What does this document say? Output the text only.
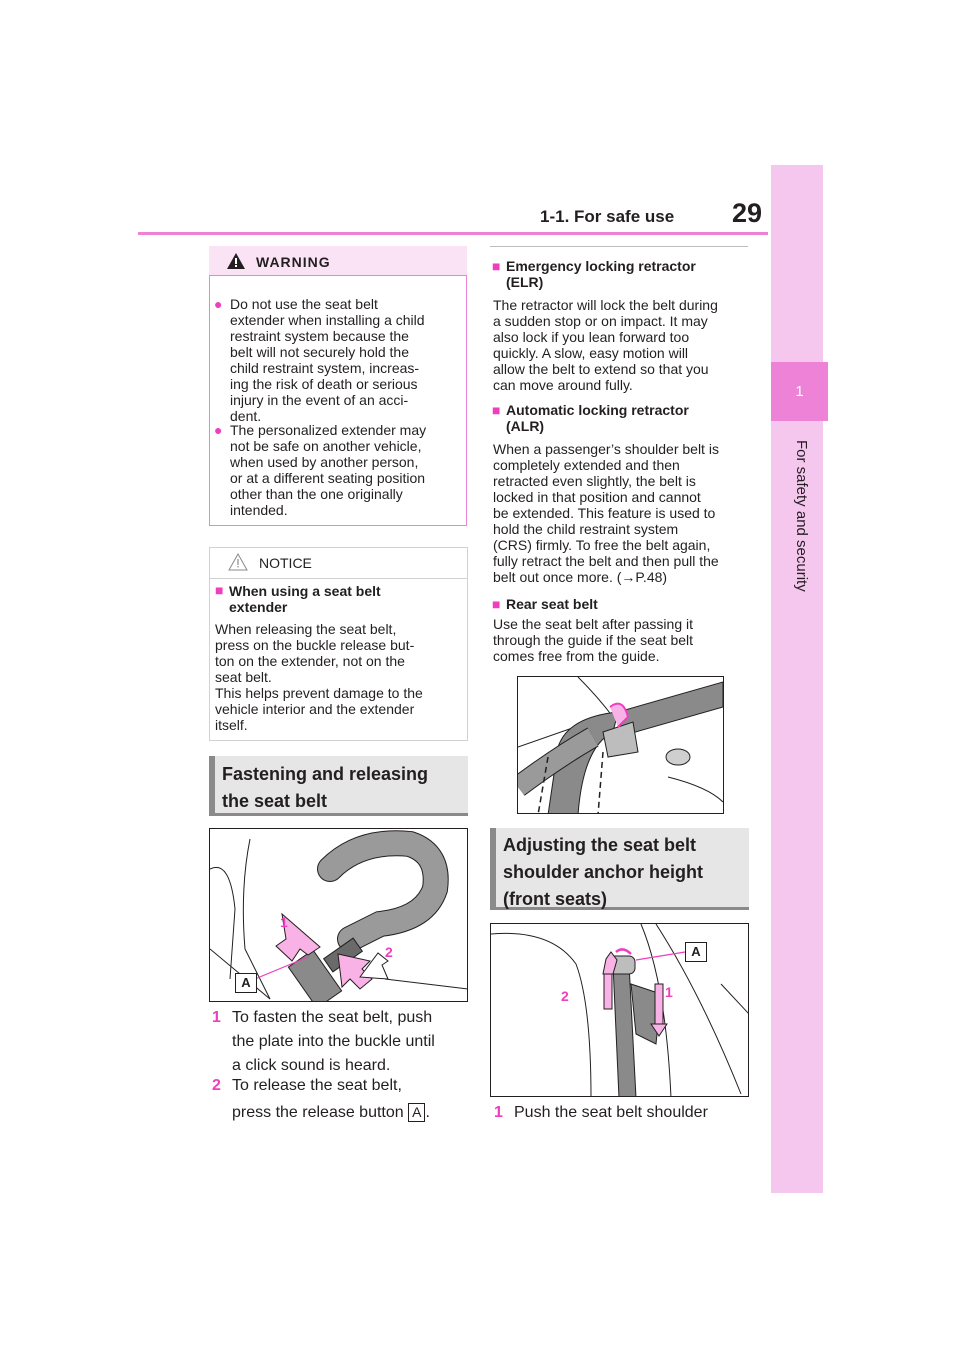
1-1. For safe use 29
1
For safety and security
WARNING
● Do not use the seat belt
extender when installing a child
restraint system because the
belt will not securely hold the
child restraint system, increas-
ing the risk of death or serious
injury in the event of an acci-
dent.
● The personalized extender may
not be safe on another vehicle,
when used by another person,
or at a different seating position
other than the one originally
intended.
NOTICE
■ When using a seat belt
extender
When releasing the seat belt,
press on the buckle release but-
ton on the extender, not on the
seat belt.
This helps prevent damage to the
vehicle interior and the extender
itself.
Fastening and releasing
the seat belt
1
2
A
1 To fasten the seat belt, push
the plate into the buckle until
a click sound is heard.
2 To release the seat belt,
press the release button A .
■ Emergency locking retractor
(ELR)
The retractor will lock the belt during
a sudden stop or on impact. It may
also lock if you lean forward too
quickly. A slow, easy motion will
allow the belt to extend so that you
can move around fully.
■ Automatic locking retractor
(ALR)
When a passenger’s shoulder belt is
completely extended and then
retracted even slightly, the belt is
locked in that position and cannot
be extended. This feature is used to
hold the child restraint system
(CRS) firmly. To free the belt again,
fully retract the belt and then pull the
belt out once more. (→P.48)
■ Rear seat belt
Use the seat belt after passing it
through the guide if the seat belt
comes free from the guide.
Adjusting the seat belt
shoulder anchor height
(front seats)
2	1
A
1 Push the seat belt shoulder
